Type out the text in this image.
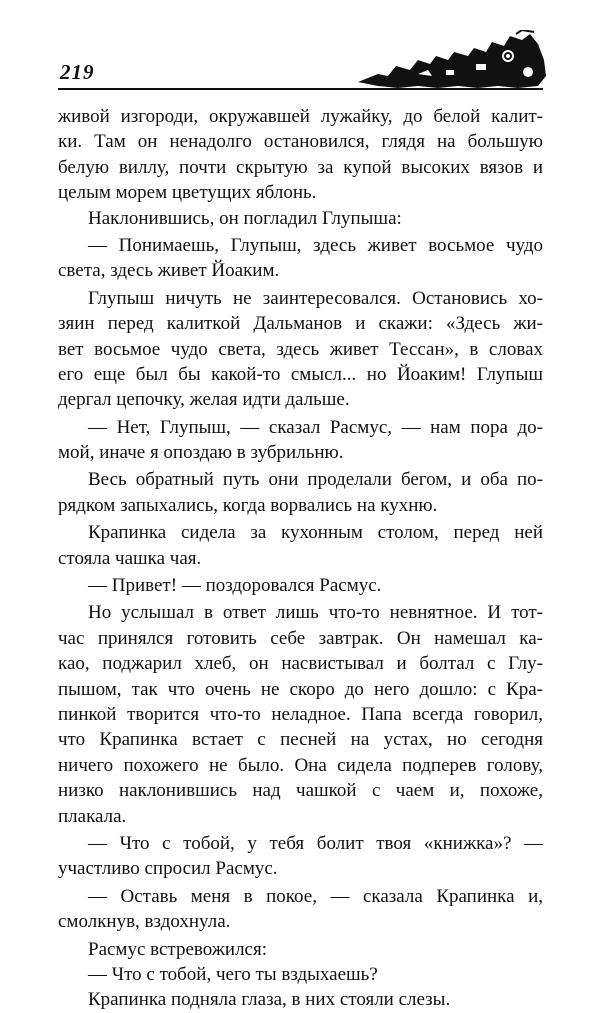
219
живой изгороди, окружавшей лужайку, до белой калит-
ки. Там он ненадолго остановился, глядя на большую
белую виллу, почти скрытую за купой высоких вязов и
целым морем цветущих яблонь.
Наклонившись, он погладил Глупыша:
— Понимаешь, Глупыш, здесь живет восьмое чудо
света, здесь живет Йоаким.
Глупыш ничуть не заинтересовался. Остановись хо-
зяин перед калиткой Дальманов и скажи: «Здесь жи-
вет восьмое чудо света, здесь живет Тессан», в словах
его еще был бы какой-то смысл... но Йоаким! Глупыш
дергал цепочку, желая идти дальше.
— Нет, Глупыш, — сказал Расмус, — нам пора до-
мой, иначе я опоздаю в зубрильню.
Весь обратный путь они проделали бегом, и оба по-
рядком запыхались, когда ворвались на кухню.
Крапинка сидела за кухонным столом, перед ней
стояла чашка чая.
— Привет! — поздоровался Расмус.
Но услышал в ответ лишь что-то невнятное. И тот-
час принялся готовить себе завтрак. Он намешал ка-
као, поджарил хлеб, он насвистывал и болтал с Глу-
пышом, так что очень не скоро до него дошло: с Кра-
пинкой творится что-то неладное. Папа всегда говорил,
что Крапинка встает с песней на устах, но сегодня
ничего похожего не было. Она сидела подперев голову,
низко наклонившись над чашкой с чаем и, похоже,
плакала.
— Что с тобой, у тебя болит твоя «книжка»? —
участливо спросил Расмус.
— Оставь меня в покое, — сказала Крапинка и,
смолкнув, вздохнула.
Расмус встревожился:
— Что с тобой, чего ты вздыхаешь?
Крапинка подняла глаза, в них стояли слезы.
